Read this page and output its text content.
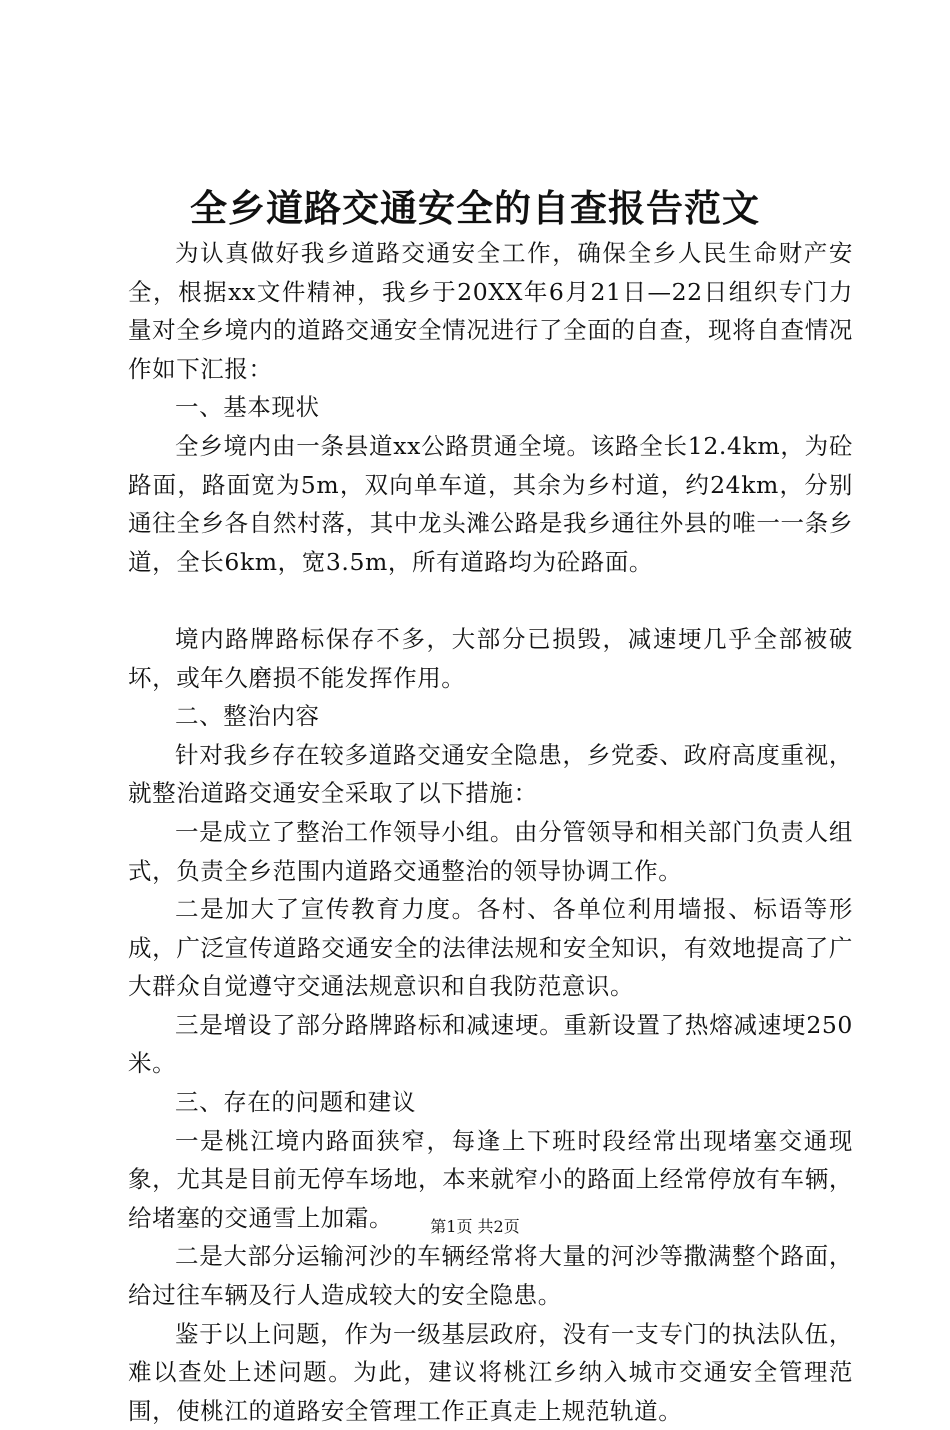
全乡道路交通安全的自查报告范文

为认真做好我乡道路交通安全工作，确保全乡人民生命财产安全，根据xx文件精神，我乡于20XX年6月21日—22日组织专门力量对全乡境内的道路交通安全情况进行了全面的自查，现将自查情况作如下汇报：

一、基本现状

全乡境内由一条县道xx公路贯通全境。该路全长12.4km，为砼路面，路面宽为5m，双向单车道，其余为乡村道，约24km，分别通往全乡各自然村落，其中龙头滩公路是我乡通往外县的唯一一条乡道，全长6km，宽3.5m，所有道路均为砼路面。

境内路牌路标保存不多，大部分已损毁，减速埂几乎全部被破坏，或年久磨损不能发挥作用。

二、整治内容

针对我乡存在较多道路交通安全隐患，乡党委、政府高度重视，就整治道路交通安全采取了以下措施：

一是成立了整治工作领导小组。由分管领导和相关部门负责人组式，负责全乡范围内道路交通整治的领导协调工作。

二是加大了宣传教育力度。各村、各单位利用墙报、标语等形成，广泛宣传道路交通安全的法律法规和安全知识，有效地提高了广大群众自觉遵守交通法规意识和自我防范意识。

三是增设了部分路牌路标和减速埂。重新设置了热熔减速埂250米。

三、存在的问题和建议

一是桃江境内路面狭窄，每逢上下班时段经常出现堵塞交通现象，尤其是目前无停车场地，本来就窄小的路面上经常停放有车辆，给堵塞的交通雪上加霜。

二是大部分运输河沙的车辆经常将大量的河沙等撒满整个路面，给过往车辆及行人造成较大的安全隐患。

鉴于以上问题，作为一级基层政府，没有一支专门的执法队伍，难以查处上述问题。为此，建议将桃江乡纳入城市交通安全管理范围，使桃江的道路安全管理工作正真走上规范轨道。

第1页 共2页
